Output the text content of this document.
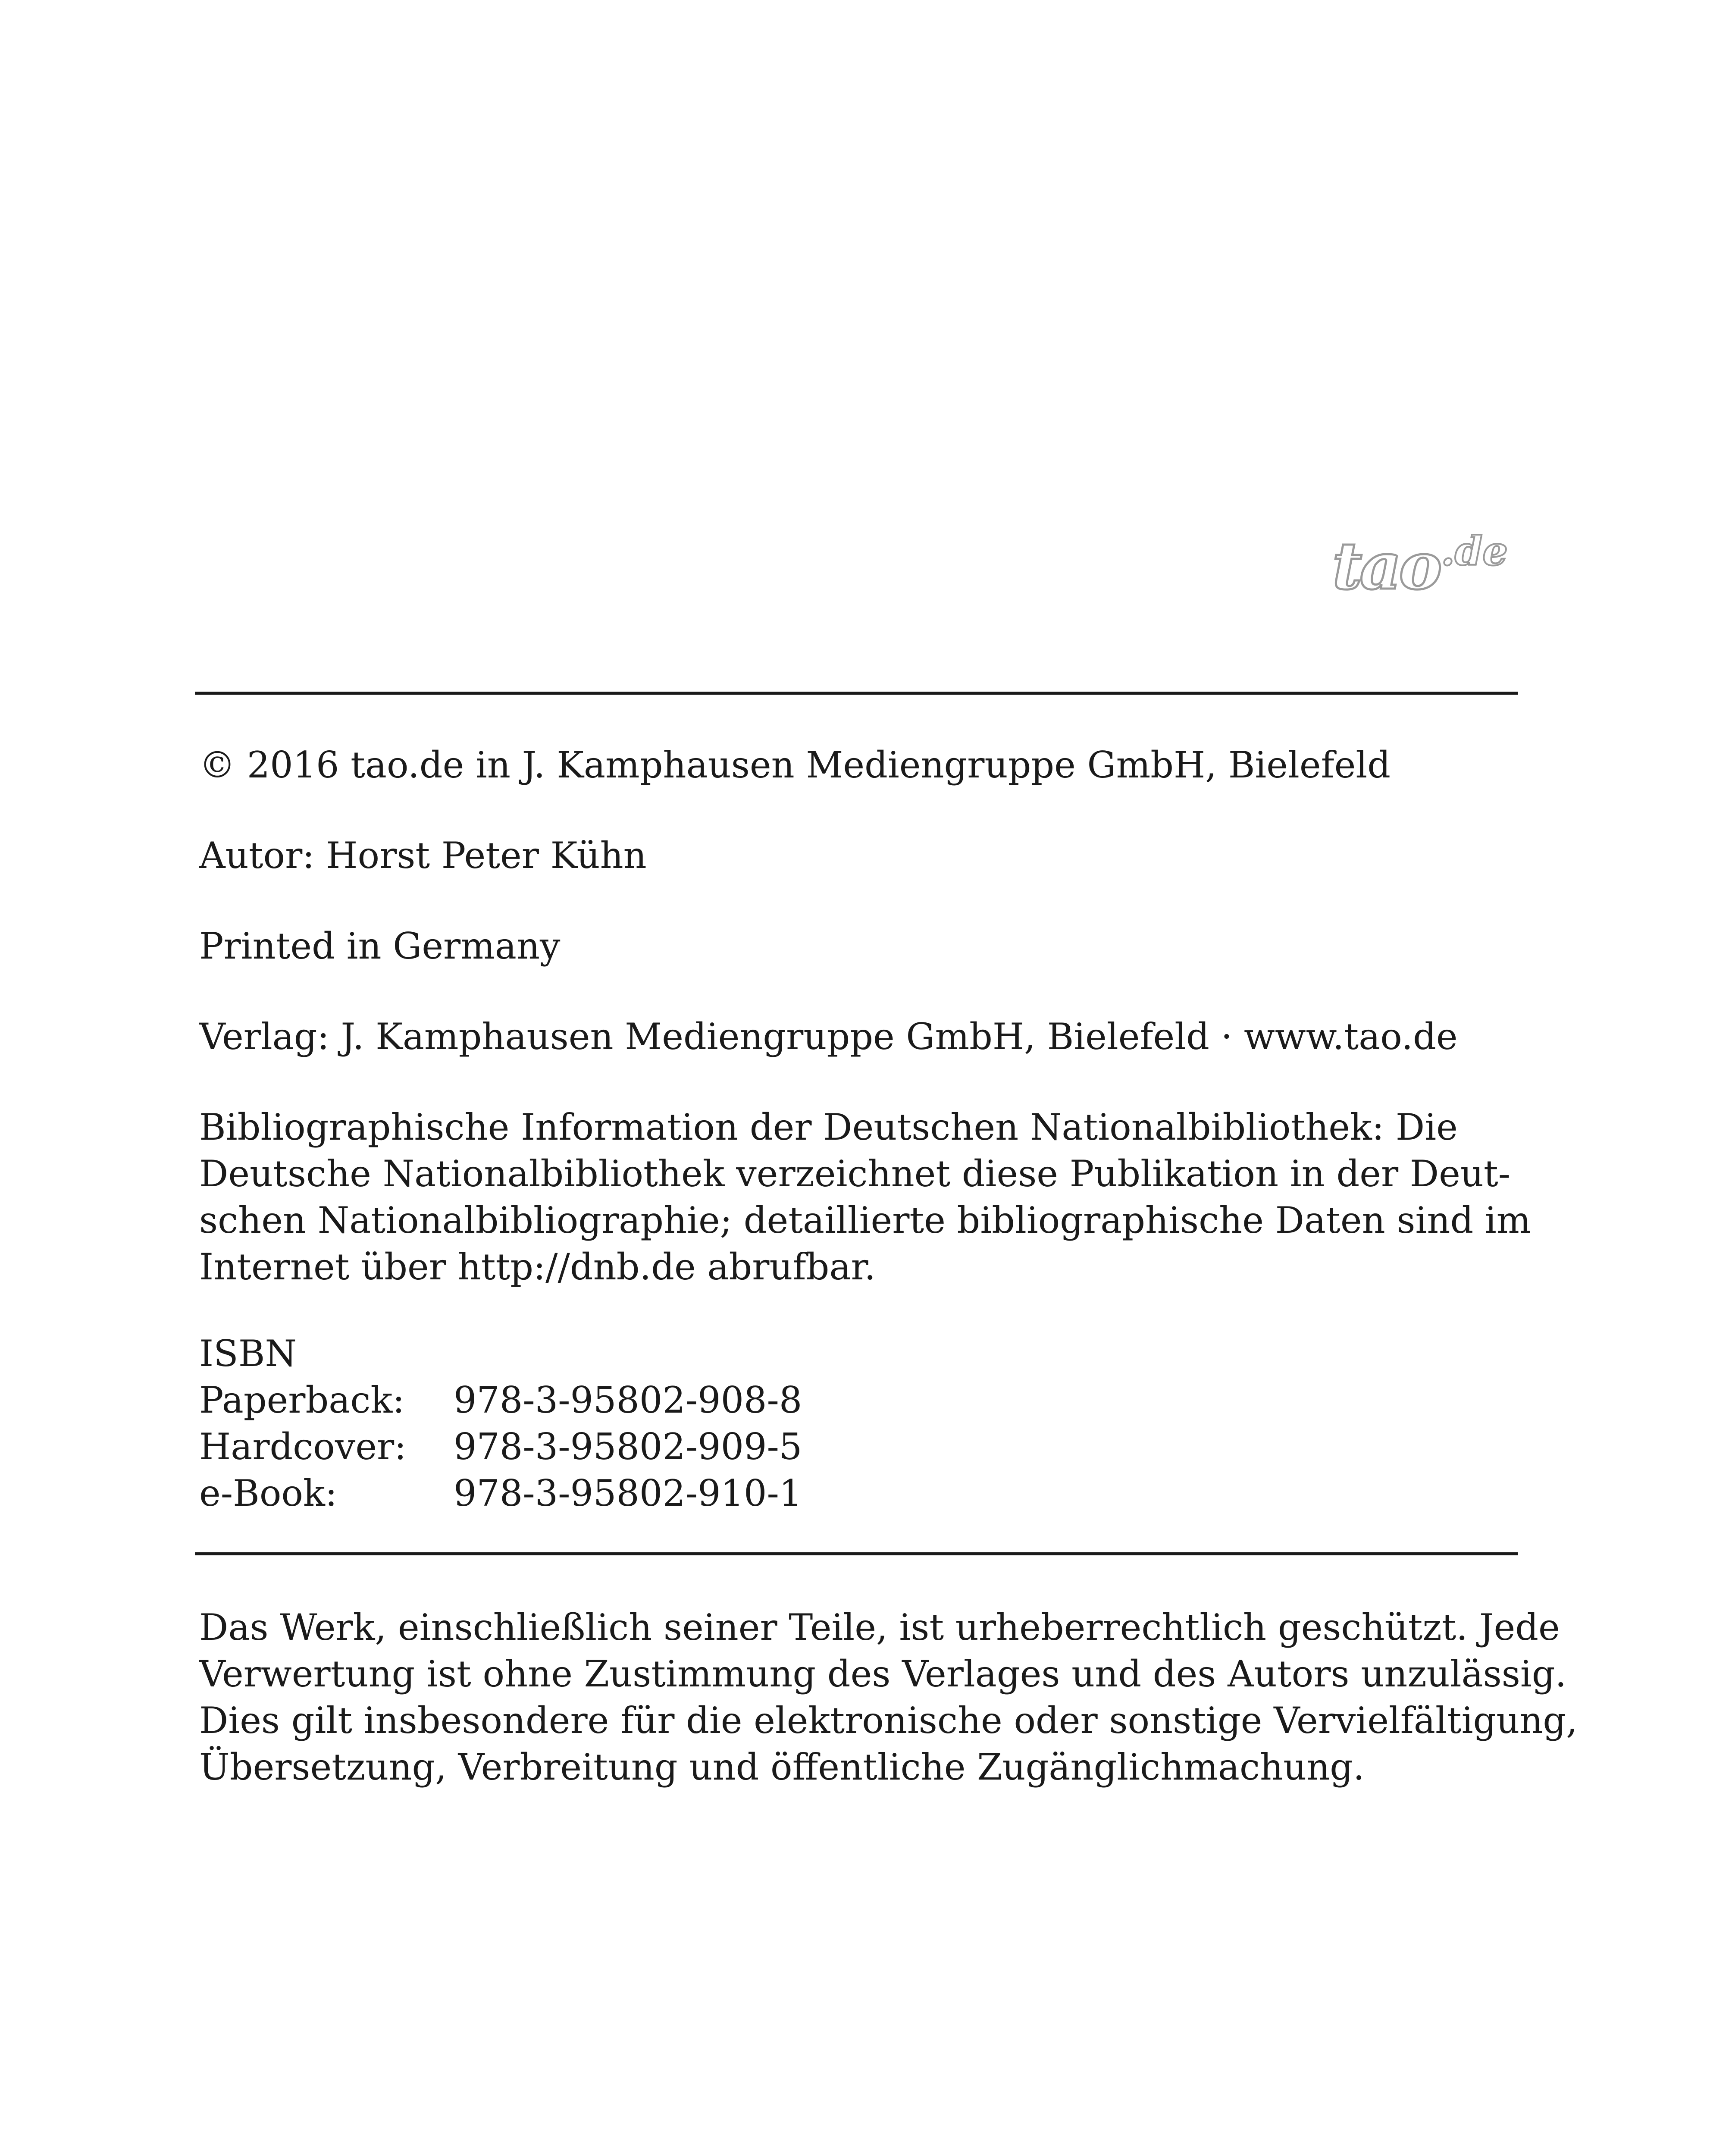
tao .de
© 2016 tao.de in J. Kamphausen Mediengruppe GmbH, Bielefeld
Autor: Horst Peter Kühn
Printed in Germany
Verlag: J. Kamphausen Mediengruppe GmbH, Bielefeld · www.tao.de
Bibliographische Information der Deutschen Nationalbibliothek: Die
Deutsche Nationalbibliothek verzeichnet diese Publikation in der Deut-
schen Nationalbibliographie; detaillierte bibliographische Daten sind im
Internet über http://dnb.de abrufbar.
ISBN
Paperback: 978-3-95802-908-8
Hardcover: 978-3-95802-909-5
e-Book:	978-3-95802-910-1
Das Werk, einschließlich seiner Teile, ist urheberrechtlich geschützt. Jede
Verwertung ist ohne Zustimmung des Verlages und des Autors unzulässig.
Dies gilt insbesondere für die elektronische oder sonstige Vervielfältigung,
Übersetzung, Verbreitung und öffentliche Zugänglichmachung.
